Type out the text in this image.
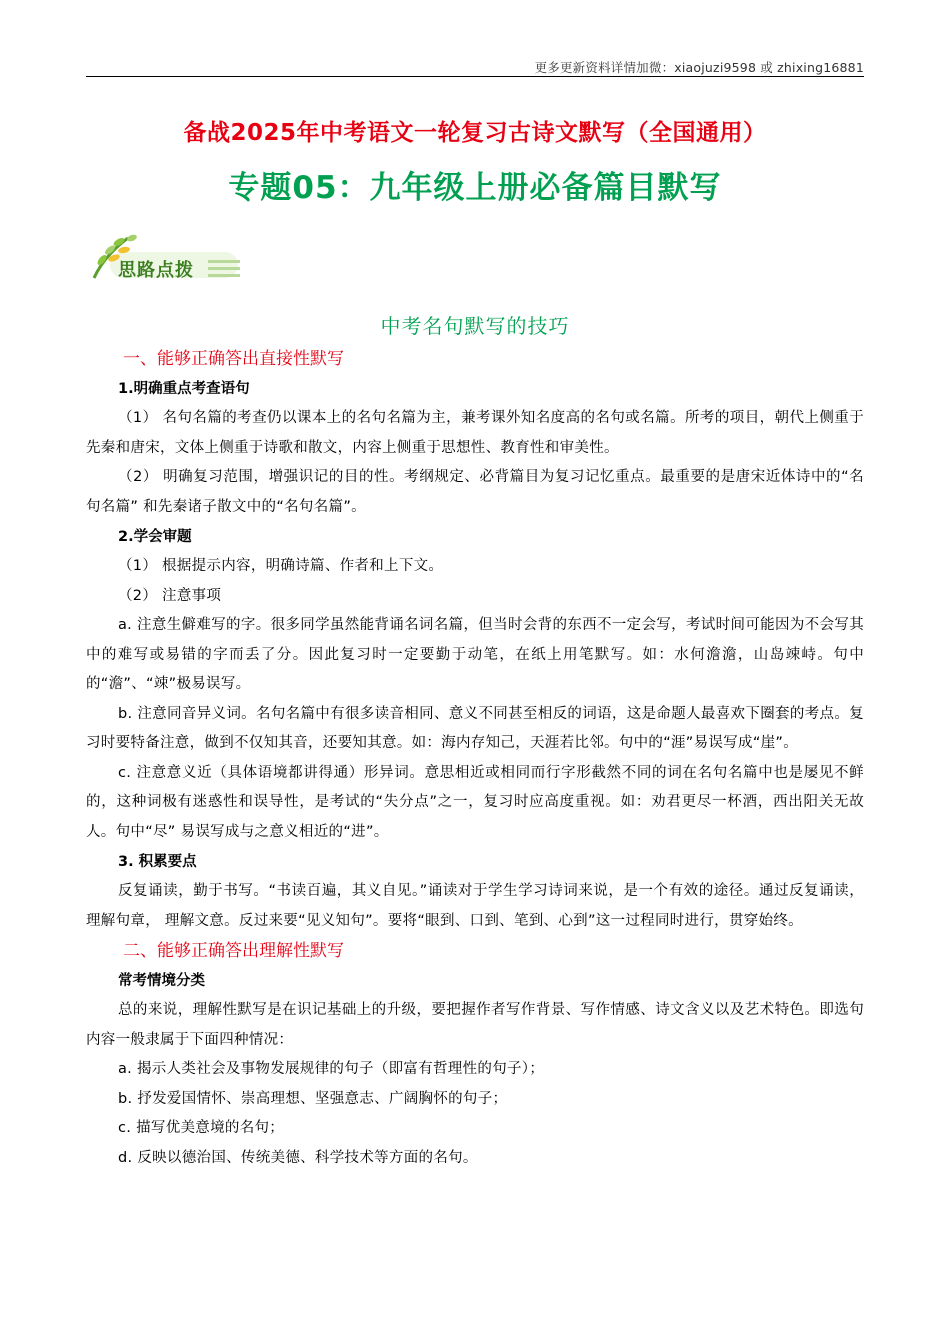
更多更新资料详情加微：xiaojuzi9598 或 zhixing16881
备战2025年中考语文一轮复习古诗文默写（全国通用）
专题05：九年级上册必备篇目默写
思路点拨
中考名句默写的技巧
一、能够正确答出直接性默写
1.明确重点考查语句
（1） 名句名篇的考查仍以课本上的名句名篇为主，兼考课外知名度高的名句或名篇。所考的项目，朝代上侧重于先秦和唐宋，文体上侧重于诗歌和散文，内容上侧重于思想性、教育性和审美性。
（2） 明确复习范围，增强识记的目的性。考纲规定、必背篇目为复习记忆重点。最重要的是唐宋近体诗中的“名句名篇” 和先秦诸子散文中的“名句名篇”。
2.学会审题
（1） 根据提示内容，明确诗篇、作者和上下文。
（2） 注意事项
a. 注意生僻难写的字。很多同学虽然能背诵名词名篇，但当时会背的东西不一定会写，考试时间可能因为不会写其中的难写或易错的字而丢了分。因此复习时一定要勤于动笔，在纸上用笔默写。如：水何澹澹，山岛竦峙。句中的“澹”、“竦”极易误写。
b. 注意同音异义词。名句名篇中有很多读音相同、意义不同甚至相反的词语，这是命题人最喜欢下圈套的考点。复习时要特备注意，做到不仅知其音，还要知其意。如：海内存知己，天涯若比邻。句中的“涯”易误写成“崖”。
c. 注意意义近（具体语境都讲得通）形异词。意思相近或相同而行字形截然不同的词在名句名篇中也是屡见不鲜的，这种词极有迷惑性和误导性，是考试的“失分点”之一，复习时应高度重视。如：劝君更尽一杯酒，西出阳关无故人。句中“尽” 易误写成与之意义相近的“进”。
3. 积累要点
反复诵读，勤于书写。“书读百遍，其义自见。”诵读对于学生学习诗词来说，是一个有效的途径。通过反复诵读，理解句章， 理解文意。反过来要“见义知句”。要将“眼到、口到、笔到、心到”这一过程同时进行，贯穿始终。
二、能够正确答出理解性默写
常考情境分类
总的来说，理解性默写是在识记基础上的升级，要把握作者写作背景、写作情感、诗文含义以及艺术特色。即选句内容一般隶属于下面四种情况：
a. 揭示人类社会及事物发展规律的句子（即富有哲理性的句子）；
b. 抒发爱国情怀、崇高理想、坚强意志、广阔胸怀的句子；
c. 描写优美意境的名句；
d. 反映以德治国、传统美德、科学技术等方面的名句。
